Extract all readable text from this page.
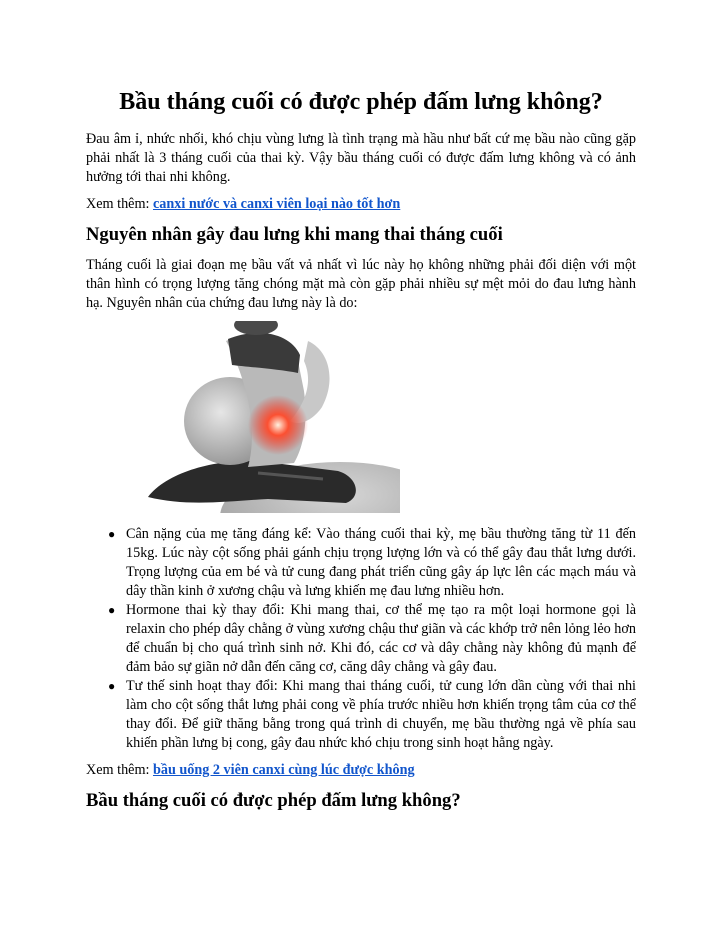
Bầu tháng cuối có được phép đấm lưng không?

Đau âm ỉ, nhức nhối, khó chịu vùng lưng là tình trạng mà hầu như bất cứ mẹ bầu nào cũng gặp phải nhất là 3 tháng cuối của thai kỳ. Vậy bầu tháng cuối có được đấm lưng không và có ảnh hưởng tới thai nhi không.

Xem thêm: canxi nước và canxi viên loại nào tốt hơn

Nguyên nhân gây đau lưng khi mang thai tháng cuối

Tháng cuối là giai đoạn mẹ bầu vất vả nhất vì lúc này họ không những phải đối diện với một thân hình có trọng lượng tăng chóng mặt mà còn gặp phải nhiều sự mệt mỏi do đau lưng hành hạ. Nguyên nhân của chứng đau lưng này là do:

● Cân nặng của mẹ tăng đáng kể: Vào tháng cuối thai kỳ, mẹ bầu thường tăng từ 11 đến 15kg. Lúc này cột sống phải gánh chịu trọng lượng lớn và có thể gây đau thắt lưng dưới. Trọng lượng của em bé và tử cung đang phát triển cũng gây áp lực lên các mạch máu và dây thần kinh ở xương chậu và lưng khiến mẹ đau lưng nhiều hơn.
● Hormone thai kỳ thay đổi: Khi mang thai, cơ thể mẹ tạo ra một loại hormone gọi là relaxin cho phép dây chằng ở vùng xương chậu thư giãn và các khớp trở nên lỏng lẻo hơn để chuẩn bị cho quá trình sinh nở. Khi đó, các cơ và dây chằng này không đủ mạnh để đảm bảo sự giãn nở dẫn đến căng cơ, căng dây chằng và gây đau.
● Tư thế sinh hoạt thay đổi: Khi mang thai tháng cuối, tử cung lớn dần cùng với thai nhi làm cho cột sống thắt lưng phải cong về phía trước nhiều hơn khiến trọng tâm của cơ thể thay đổi. Để giữ thăng bằng trong quá trình di chuyển, mẹ bầu thường ngả về phía sau khiến phần lưng bị cong, gây đau nhức khó chịu trong sinh hoạt hằng ngày.

Xem thêm: bầu uống 2 viên canxi cùng lúc được không

Bầu tháng cuối có được phép đấm lưng không?
